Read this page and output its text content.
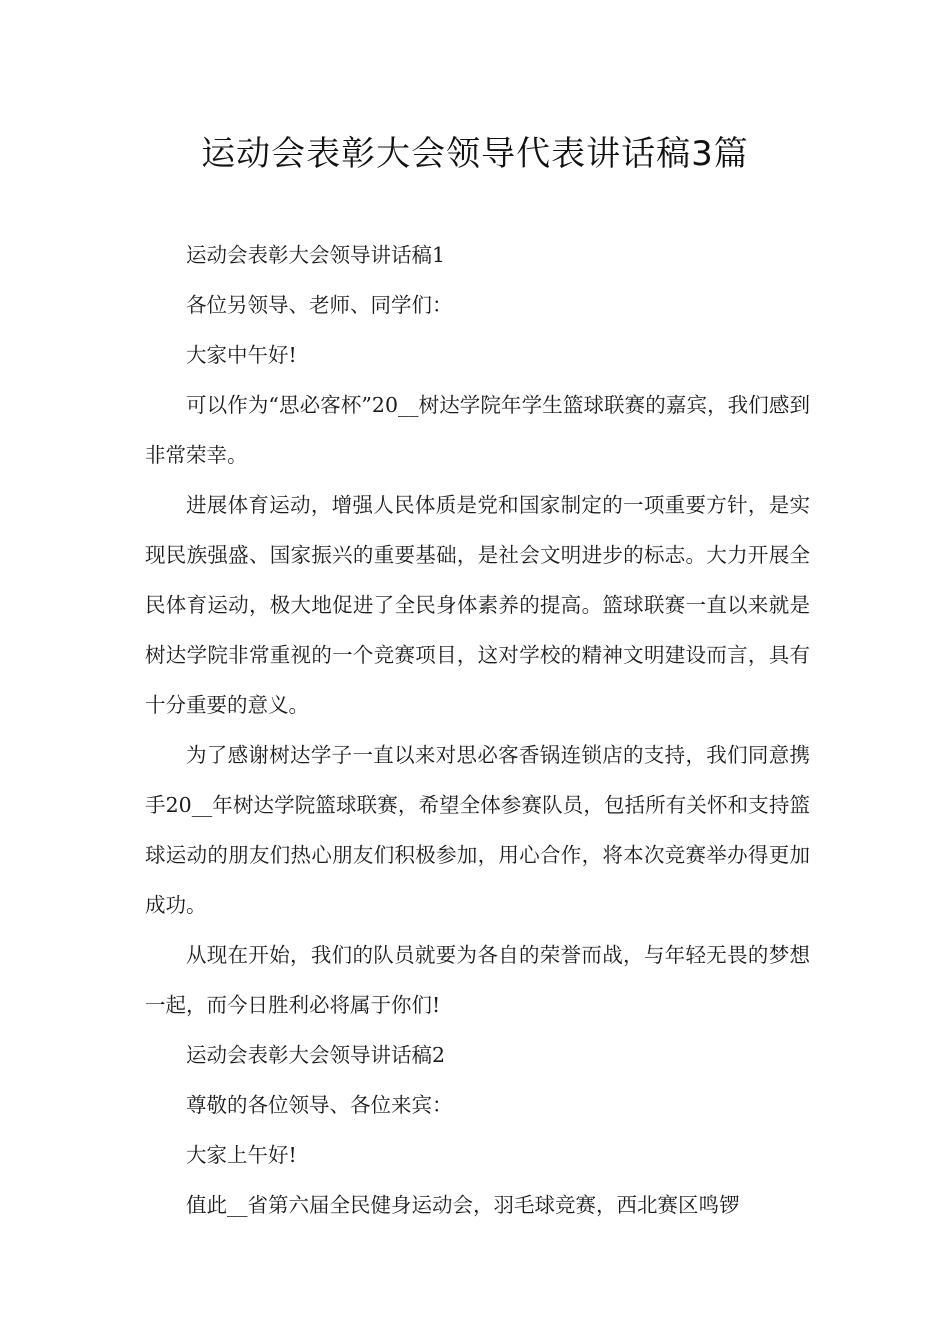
运动会表彰大会领导代表讲话稿3篇

运动会表彰大会领导讲话稿1

各位另领导、老师、同学们：

大家中午好!

可以作为“思必客杯”20__树达学院年学生篮球联赛的嘉宾，我们感到非常荣幸。

进展体育运动，增强人民体质是党和国家制定的一项重要方针，是实现民族强盛、国家振兴的重要基础，是社会文明进步的标志。大力开展全民体育运动，极大地促进了全民身体素养的提高。篮球联赛一直以来就是树达学院非常重视的一个竞赛项目，这对学校的精神文明建设而言，具有十分重要的意义。

为了感谢树达学子一直以来对思必客香锅连锁店的支持，我们同意携手20__年树达学院篮球联赛，希望全体参赛队员，包括所有关怀和支持篮球运动的朋友们热心朋友们积极参加，用心合作，将本次竞赛举办得更加成功。

从现在开始，我们的队员就要为各自的荣誉而战，与年轻无畏的梦想一起，而今日胜利必将属于你们!

运动会表彰大会领导讲话稿2

尊敬的各位领导、各位来宾：

大家上午好!

值此__省第六届全民健身运动会，羽毛球竞赛，西北赛区鸣锣
